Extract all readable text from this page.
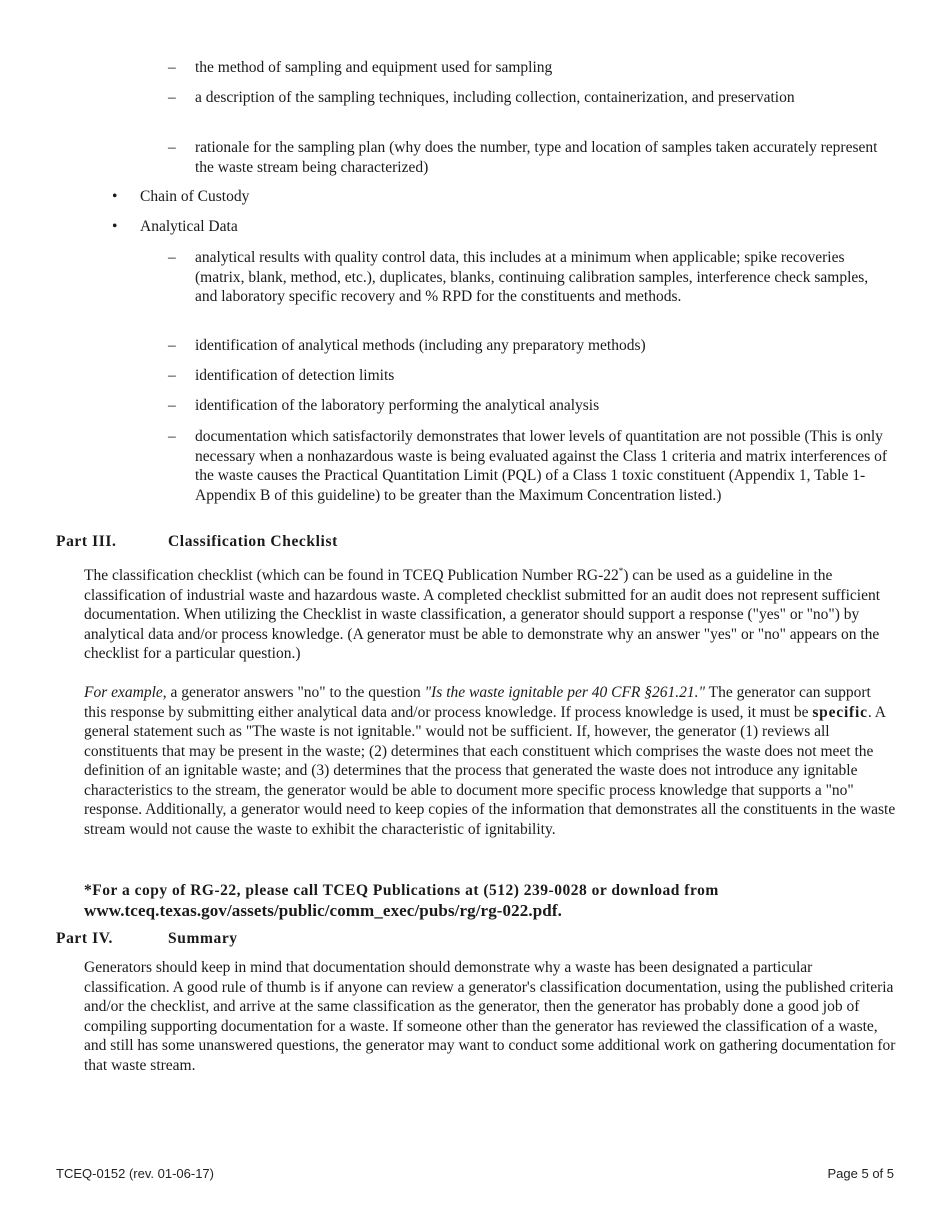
–	the method of sampling and equipment used for sampling
–	a description of the sampling techniques, including collection, containerization, and preservation
–	rationale for the sampling plan (why does the number, type and location of samples taken accurately represent the waste stream being characterized)
• Chain of Custody
• Analytical Data
–	analytical results with quality control data, this includes at a minimum when applicable; spike recoveries (matrix, blank, method, etc.), duplicates, blanks, continuing calibration samples, interference check samples, and laboratory specific recovery and % RPD for the constituents and methods.
–	identification of analytical methods (including any preparatory methods)
–	identification of detection limits
–	identification of the laboratory performing the analytical analysis
–	documentation which satisfactorily demonstrates that lower levels of quantitation are not possible (This is only necessary when a nonhazardous waste is being evaluated against the Class 1 criteria and matrix interferences of the waste causes the Practical Quantitation Limit (PQL) of a Class 1 toxic constituent (Appendix 1, Table 1-Appendix B of this guideline) to be greater than the Maximum Concentration listed.)
Part III.	Classification Checklist
The classification checklist (which can be found in TCEQ Publication Number RG-22*) can be used as a guideline in the classification of industrial waste and hazardous waste. A completed checklist submitted for an audit does not represent sufficient documentation. When utilizing the Checklist in waste classification, a generator should support a response ("yes" or "no") by analytical data and/or process knowledge. (A generator must be able to demonstrate why an answer "yes" or "no" appears on the checklist for a particular question.)
For example, a generator answers "no" to the question "Is the waste ignitable per 40 CFR §261.21." The generator can support this response by submitting either analytical data and/or process knowledge. If process knowledge is used, it must be specific. A general statement such as "The waste is not ignitable." would not be sufficient. If, however, the generator (1) reviews all constituents that may be present in the waste; (2) determines that each constituent which comprises the waste does not meet the definition of an ignitable waste; and (3) determines that the process that generated the waste does not introduce any ignitable characteristics to the stream, the generator would be able to document more specific process knowledge that supports a "no" response. Additionally, a generator would need to keep copies of the information that demonstrates all the constituents in the waste stream would not cause the waste to exhibit the characteristic of ignitability.
*For a copy of RG-22, please call TCEQ Publications at (512) 239-0028 or download from
www.tceq.texas.gov/assets/public/comm_exec/pubs/rg/rg-022.pdf.
Part IV.	Summary
Generators should keep in mind that documentation should demonstrate why a waste has been designated a particular classification. A good rule of thumb is if anyone can review a generator's classification documentation, using the published criteria and/or the checklist, and arrive at the same classification as the generator, then the generator has probably done a good job of compiling supporting documentation for a waste. If someone other than the generator has reviewed the classification of a waste, and still has some unanswered questions, the generator may want to conduct some additional work on gathering documentation for that waste stream.
TCEQ-0152 (rev. 01-06-17)	Page 5 of 5
